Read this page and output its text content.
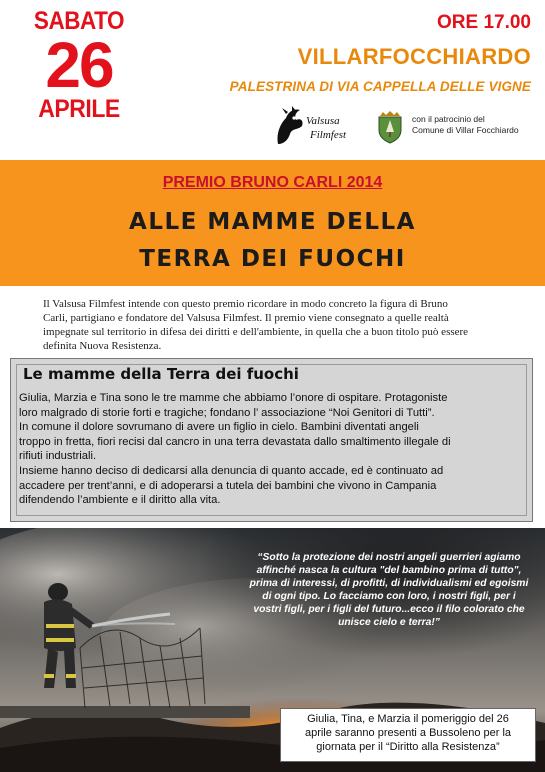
SABATO
26
APRILE
ORE 17.00
VILLARFOCCHIARDO
PALESTRINA DI VIA CAPPELLA DELLE VIGNE
Valsusa
Filmfest
con il patrocinio del
Comune di Villar Focchiardo
PREMIO BRUNO CARLI 2014
ALLE MAMME DELLA
TERRA DEI FUOCHI
Il Valsusa Filmfest intende con questo premio ricordare in modo concreto la figura di Bruno
Carli, partigiano e fondatore del Valsusa Filmfest. Il premio viene consegnato a quelle realtà
impegnate sul territorio in difesa dei diritti e dell'ambiente, in quella che a buon titolo può essere
definita Nuova Resistenza.
Le mamme della Terra dei fuochi
Giulia, Marzia e Tina sono le tre mamme che abbiamo l’onore di ospitare. Protagoniste
loro malgrado di storie forti e tragiche; fondano l’ associazione “Noi Genitori di Tutti”.
In comune il dolore sovrumano di avere un figlio in cielo. Bambini diventati angeli
troppo in fretta, fiori recisi dal cancro in una terra devastata dallo smaltimento illegale di
rifiuti industriali.
Insieme hanno deciso di dedicarsi alla denuncia di quanto accade, ed è continuato ad
accadere per trent’anni, e di adoperarsi a tutela dei bambini che vivono in Campania
difendendo l’ambiente e il diritto alla vita.
“Sotto la protezione dei nostri angeli guerrieri agiamo
affinché nasca la cultura "del bambino prima di tutto",
prima di interessi, di profitti, di individualismi ed egoismi
di ogni tipo. Lo facciamo con loro, i nostri figli, per i
vostri figli, per i figli del futuro...ecco il filo colorato che
unisce cielo e terra!”
Giulia, Tina, e Marzia il pomeriggio del 26
aprile saranno presenti a Bussoleno per la
giornata per il “Diritto alla Resistenza”
